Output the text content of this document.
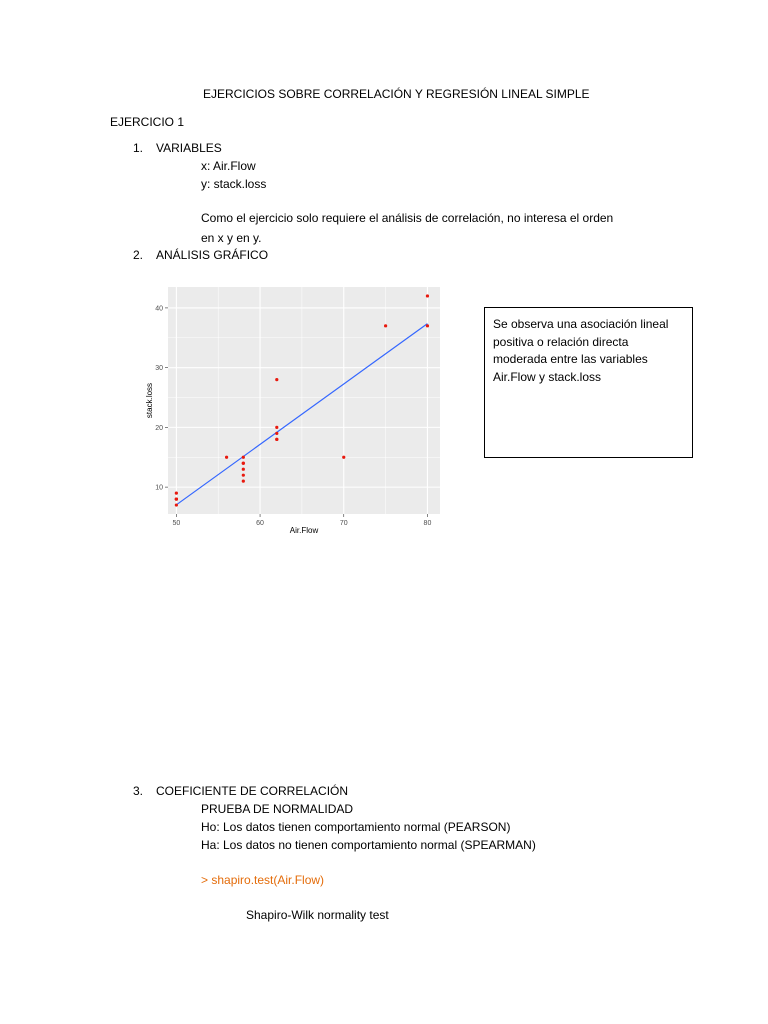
EJERCICIOS SOBRE CORRELACIÓN Y REGRESIÓN LINEAL SIMPLE
EJERCICIO 1
1. VARIABLES
x: Air.Flow
y: stack.loss
Como el ejercicio solo requiere el análisis de correlación, no interesa el orden
en x y en y.
2. ANÁLISIS GRÁFICO
50	60	70	80
10
20
30
40
Air.Flow
stack.loss
Se observa una asociación lineal positiva o relación directa moderada entre las variables Air.Flow y stack.loss
3. COEFICIENTE DE CORRELACIÓN
PRUEBA DE NORMALIDAD
Ho: Los datos tienen comportamiento normal (PEARSON)
Ha: Los datos no tienen comportamiento normal (SPEARMAN)
> shapiro.test(Air.Flow)
Shapiro-Wilk normality test
